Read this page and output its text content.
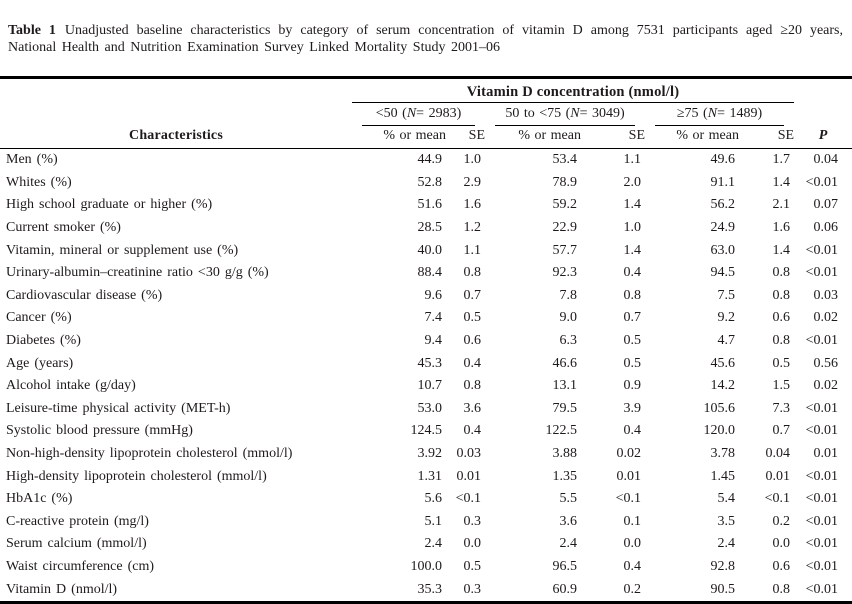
Table 1 Unadjusted baseline characteristics by category of serum concentration of vitamin D among 7531 participants aged ≥20 years, National Health and Nutrition Examination Survey Linked Mortality Study 2001–06

	Vitamin D concentration (nmol/l)						

	<50 (N= 2983)		50 to <75 (N= 3049)		≥75 (N= 1489)		

Characteristics	% or mean	SE	% or mean	SE	% or mean	SE	P
Men (%)	44.9	1.0	53.4	1.1	49.6	1.7	0.04
Whites (%)	52.8	2.9	78.9	2.0	91.1	1.4	<0.01
High school graduate or higher (%)	51.6	1.6	59.2	1.4	56.2	2.1	0.07
Current smoker (%)	28.5	1.2	22.9	1.0	24.9	1.6	0.06
Vitamin, mineral or supplement use (%)	40.0	1.1	57.7	1.4	63.0	1.4	<0.01
Urinary-albumin–creatinine ratio <30 g/g (%)	88.4	0.8	92.3	0.4	94.5	0.8	<0.01
Cardiovascular disease (%)	9.6	0.7	7.8	0.8	7.5	0.8	0.03
Cancer (%)	7.4	0.5	9.0	0.7	9.2	0.6	0.02
Diabetes (%)	9.4	0.6	6.3	0.5	4.7	0.8	<0.01
Age (years)	45.3	0.4	46.6	0.5	45.6	0.5	0.56
Alcohol intake (g/day)	10.7	0.8	13.1	0.9	14.2	1.5	0.02
Leisure-time physical activity (MET-h)	53.0	3.6	79.5	3.9	105.6	7.3	<0.01
Systolic blood pressure (mmHg)	124.5	0.4	122.5	0.4	120.0	0.7	<0.01
Non-high-density lipoprotein cholesterol (mmol/l)	3.92	0.03	3.88	0.02	3.78	0.04	0.01
High-density lipoprotein cholesterol (mmol/l)	1.31	0.01	1.35	0.01	1.45	0.01	<0.01
HbA1c (%)	5.6	<0.1	5.5	<0.1	5.4	<0.1	<0.01
C-reactive protein (mg/l)	5.1	0.3	3.6	0.1	3.5	0.2	<0.01
Serum calcium (mmol/l)	2.4	0.0	2.4	0.0	2.4	0.0	<0.01
Waist circumference (cm)	100.0	0.5	96.5	0.4	92.8	0.6	<0.01
Vitamin D (nmol/l)	35.3	0.3	60.9	0.2	90.5	0.8	<0.01
